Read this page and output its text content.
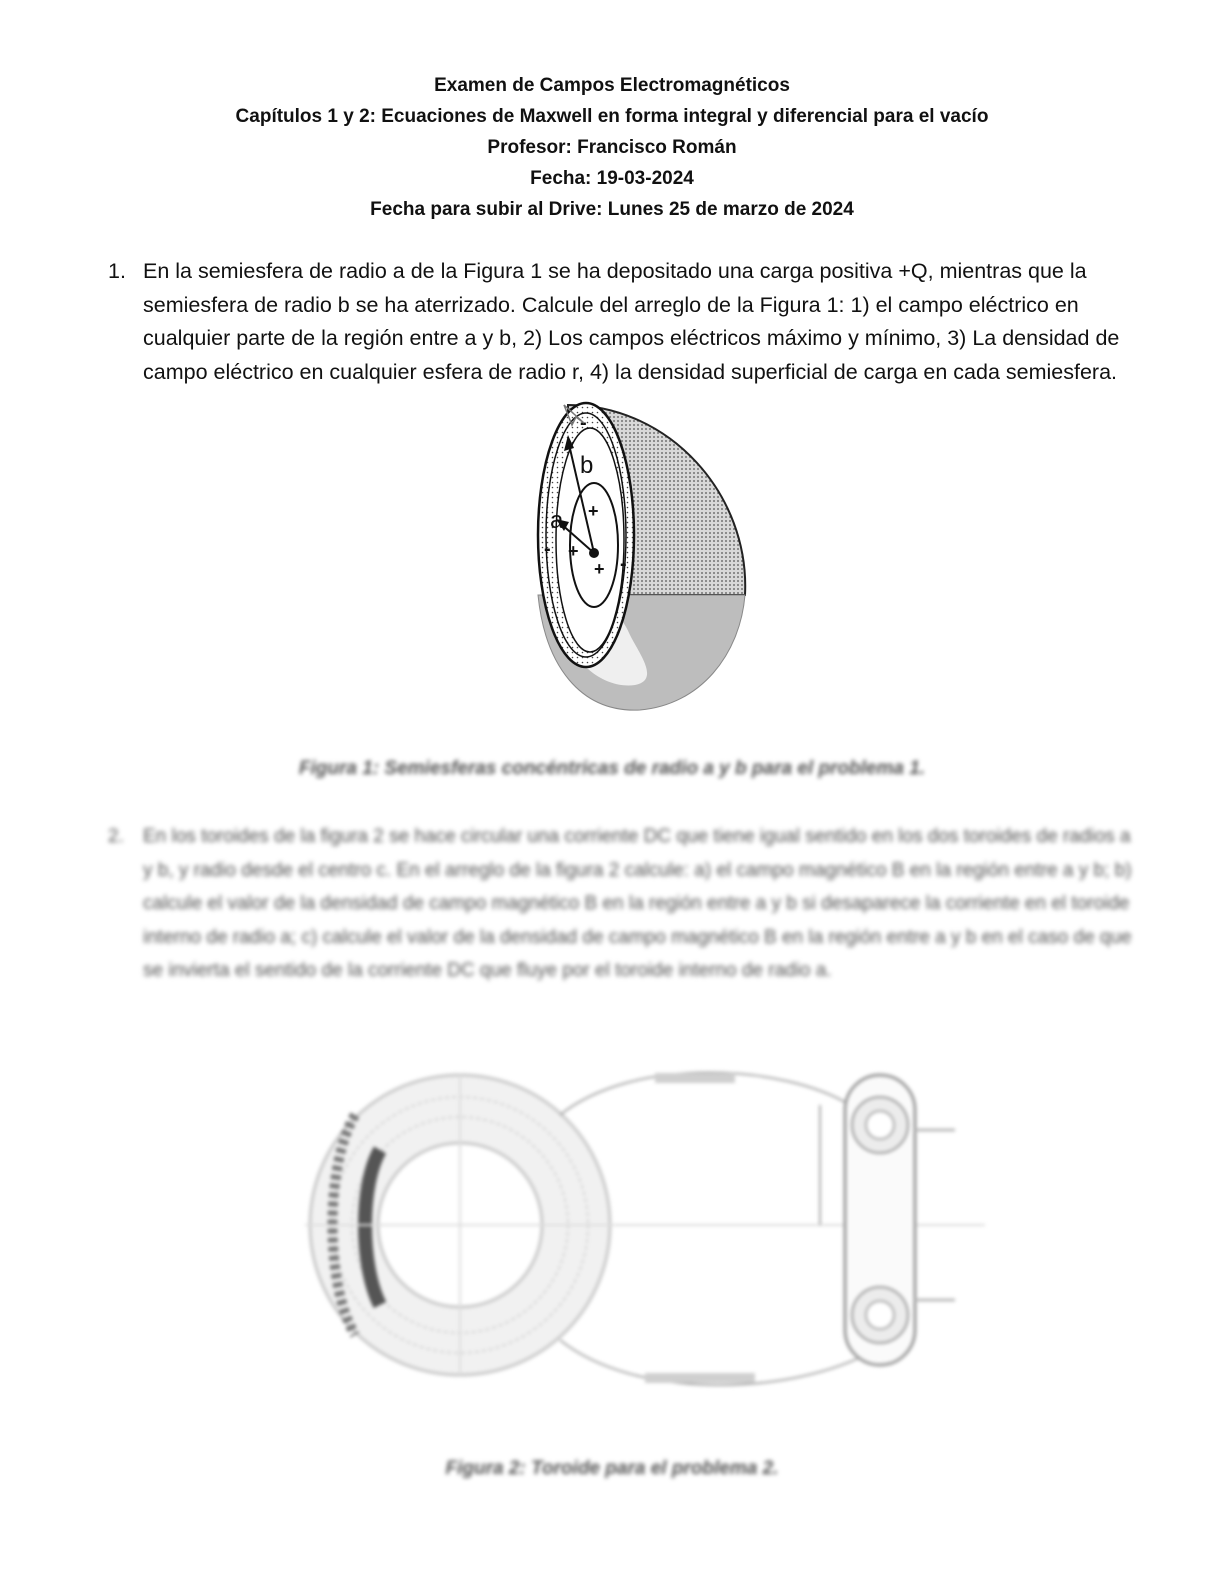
Examen de Campos Electromagnéticos
Capítulos 1 y 2: Ecuaciones de Maxwell en forma integral y diferencial para el vacío
Profesor: Francisco Román
Fecha: 19-03-2024
Fecha para subir al Drive: Lunes 25 de marzo de 2024
1. En la semiesfera de radio a de la Figura 1 se ha depositado una carga positiva +Q, mientras que la semiesfera de radio b se ha aterrizado. Calcule del arreglo de la Figura 1: 1) el campo eléctrico en cualquier parte de la región entre a y b, 2) Los campos eléctricos máximo y mínimo, 3) La densidad de campo eléctrico en cualquier esfera de radio r, 4) la densidad superficial de carga en cada semiesfera.
b
a +
+
+
-
-
-
Figura 1: Semiesferas concéntricas de radio a y b para el problema 1.
2. En los toroides de la figura 2 se hace circular una corriente DC que tiene igual sentido en los dos toroides de radios a y b, y radio desde el centro c. En el arreglo de la figura 2 calcule: a) el campo magnético B en la región entre a y b; b) calcule el valor de la densidad de campo magnético B en la región entre a y b si desaparece la corriente en el toroide interno de radio a; c) calcule el valor de la densidad de campo magnético B en la región entre a y b en el caso de que se invierta el sentido de la corriente DC que fluye por el toroide interno de radio a.
Figura 2: Toroide para el problema 2.
